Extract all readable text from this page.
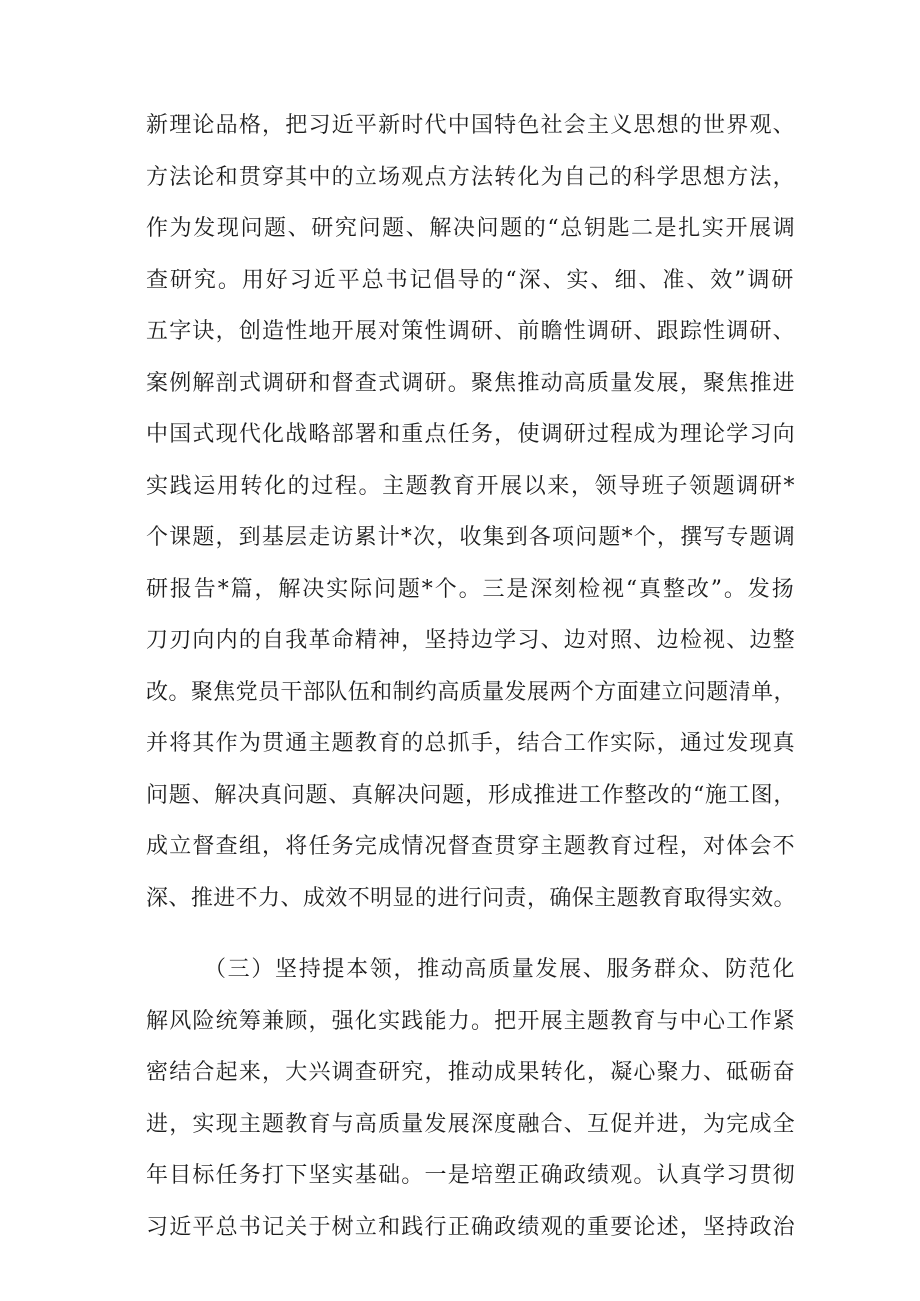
新理论品格，把习近平新时代中国特色社会主义思想的世界观、
方法论和贯穿其中的立场观点方法转化为自己的科学思想方法，
作为发现问题、研究问题、解决问题的“总钥匙二是扎实开展调
查研究。用好习近平总书记倡导的“深、实、细、准、效”调研
五字诀，创造性地开展对策性调研、前瞻性调研、跟踪性调研、
案例解剖式调研和督查式调研。聚焦推动高质量发展，聚焦推进
中国式现代化战略部署和重点任务，使调研过程成为理论学习向
实践运用转化的过程。主题教育开展以来，领导班子领题调研*
个课题，到基层走访累计*次，收集到各项问题*个，撰写专题调
研报告*篇，解决实际问题*个。三是深刻检视“真整改”。发扬
刀刃向内的自我革命精神，坚持边学习、边对照、边检视、边整
改。聚焦党员干部队伍和制约高质量发展两个方面建立问题清单，
并将其作为贯通主题教育的总抓手，结合工作实际，通过发现真
问题、解决真问题、真解决问题，形成推进工作整改的“施工图，
成立督查组，将任务完成情况督查贯穿主题教育过程，对体会不
深、推进不力、成效不明显的进行问责，确保主题教育取得实效。
（三）坚持提本领，推动高质量发展、服务群众、防范化
解风险统筹兼顾，强化实践能力。把开展主题教育与中心工作紧
密结合起来，大兴调查研究，推动成果转化，凝心聚力、砥砺奋
进，实现主题教育与高质量发展深度融合、互促并进，为完成全
年目标任务打下坚实基础。一是培塑正确政绩观。认真学习贯彻
习近平总书记关于树立和践行正确政绩观的重要论述，坚持政治
